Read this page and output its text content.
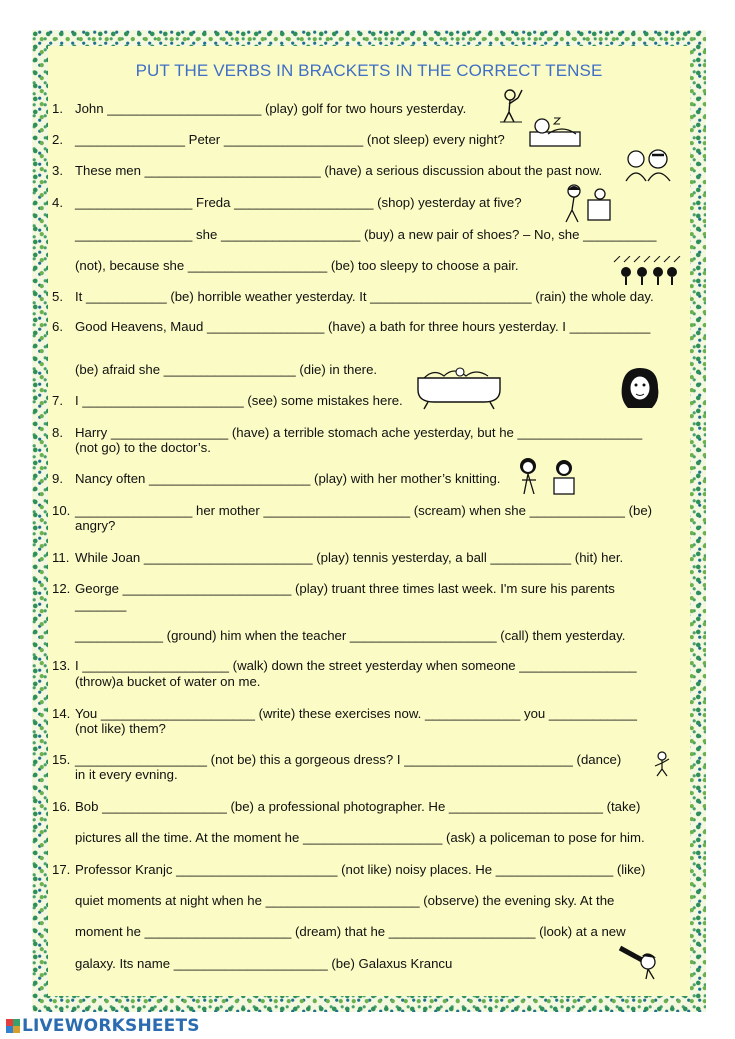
PUT THE VERBS IN BRACKETS IN THE CORRECT TENSE
1.
2.
3.
4.
5.
6.
7.
8.
9.
10.
11.
12.
13.
14.
15.
16.
17.
John _____________________ (play) golf for two hours yesterday.
_______________ Peter ___________________ (not sleep) every night?
These men ________________________ (have) a serious discussion about the past now.
________________ Freda ___________________ (shop) yesterday at five?
________________ she ___________________ (buy) a new pair of shoes? – No, she __________
(not), because she ___________________ (be) too sleepy to choose a pair.
It ___________ (be) horrible weather yesterday. It ______________________ (rain) the whole day.
Good Heavens, Maud ________________ (have) a bath for three hours yesterday. I ___________
(be) afraid she __________________ (die) in there.
I ______________________ (see) some mistakes here.
Harry ________________ (have) a terrible stomach ache yesterday, but he _________________
(not go) to the doctor’s.
Nancy often ______________________ (play) with her mother’s knitting.
________________ her mother ____________________ (scream) when she _____________ (be)
angry?
While Joan _______________________ (play) tennis yesterday, a ball ___________ (hit) her.
George _______________________ (play) truant three times last week. I'm sure his parents
_______
____________ (ground) him when the teacher ____________________ (call) them yesterday.
I ____________________ (walk) down the street yesterday when someone ________________
(throw)a bucket of water on me.
You _____________________ (write) these exercises now. _____________ you ____________
(not like) them?
__________________ (not be) this a gorgeous dress? I _______________________ (dance)
in it every evning.
Bob _________________ (be) a professional photographer. He _____________________ (take)
pictures all the time. At the moment he ___________________ (ask) a policeman to pose for him.
Professor Kranjc ______________________ (not like) noisy places. He ________________ (like)
quiet moments at night when he _____________________ (observe) the evening sky. At the
moment he ____________________ (dream) that he ____________________ (look) at a new
galaxy. Its name _____________________ (be) Galaxus Krancu
LIVEWORKSHEETS
